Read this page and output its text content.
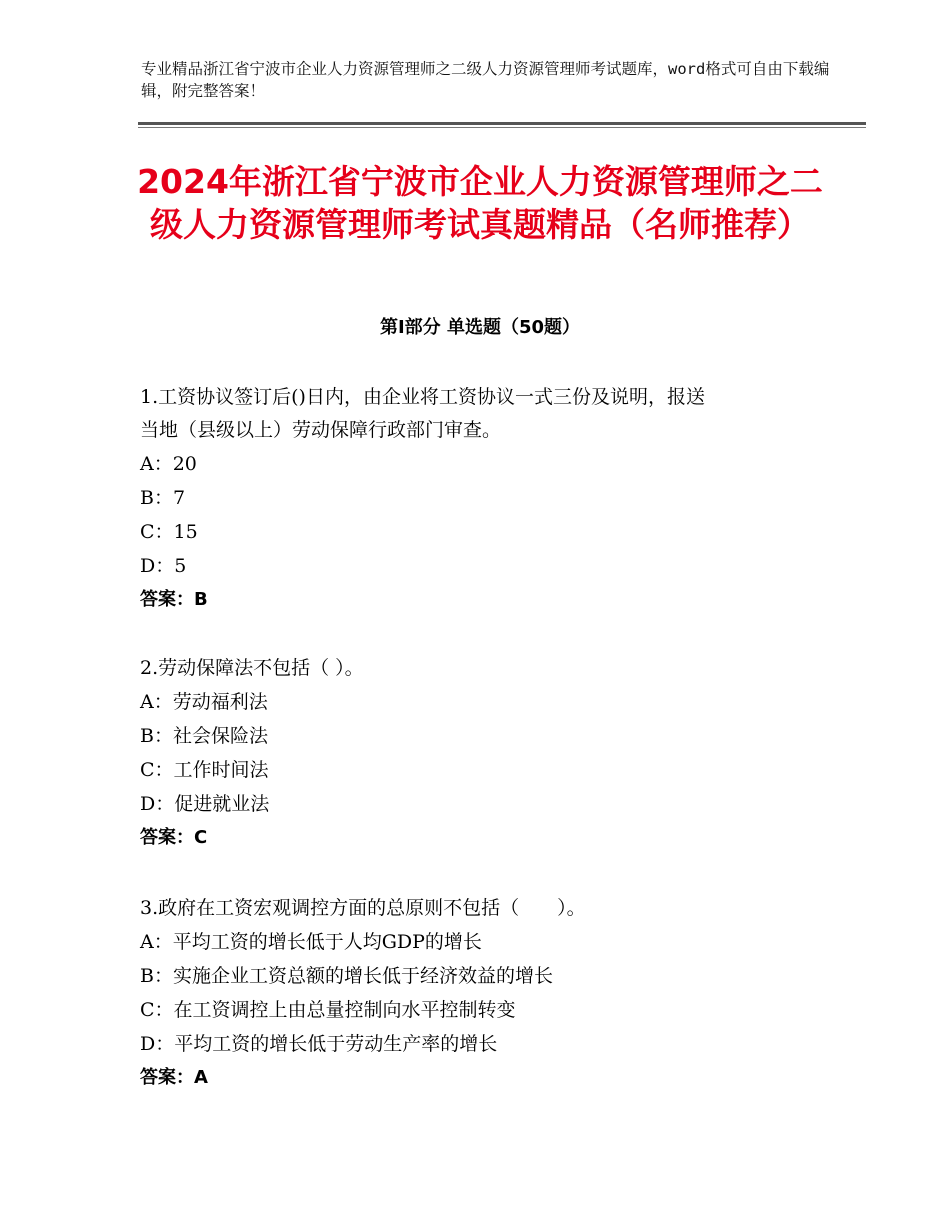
专业精品浙江省宁波市企业人力资源管理师之二级人力资源管理师考试题库，word格式可自由下载编辑，附完整答案！
2024年浙江省宁波市企业人力资源管理师之二级人力资源管理师考试真题精品（名师推荐）
第Ⅰ部分 单选题（50题）

1.工资协议签订后()日内，由企业将工资协议一式三份及说明，报送

当地（县级以上）劳动保障行政部门审查。

A：20

B：7

C：15

D：5

答案：B

2.劳动保障法不包括（ ）。

A：劳动福利法

B：社会保险法

C：工作时间法

D：促进就业法

答案：C

3.政府在工资宏观调控方面的总原则不包括（　　）。

A：平均工资的增长低于人均GDP的增长

B：实施企业工资总额的增长低于经济效益的增长

C：在工资调控上由总量控制向水平控制转变

D：平均工资的增长低于劳动生产率的增长

答案：A
